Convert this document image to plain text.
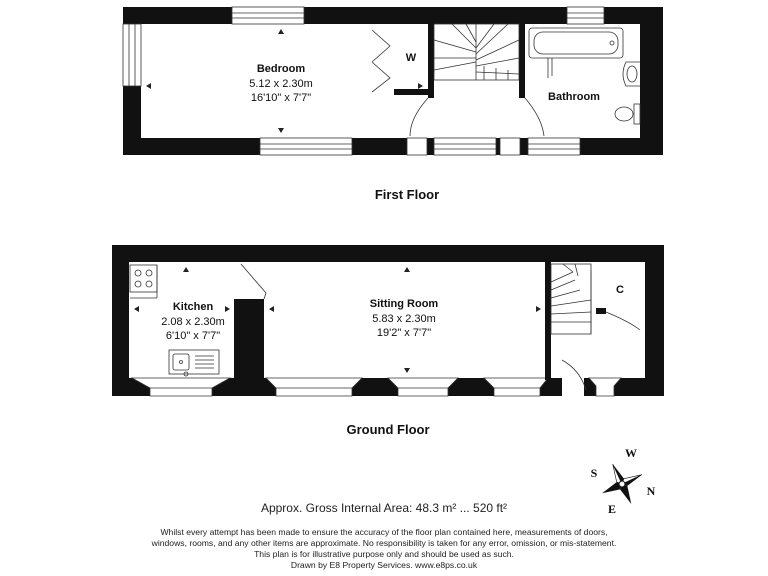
Bedroom
5.12 x 2.30m
16'10" x 7'7"
W
Bathroom
First Floor
Kitchen
2.08 x 2.30m
6'10" x 7'7"
Sitting Room
5.83 x 2.30m
19'2" x 7'7"
C
Ground Floor
W
S
N
E
Approx. Gross Internal Area: 48.3 m² ... 520 ft²
Whilst every attempt has been made to ensure the accuracy of the floor plan contained here, measurements of doors,
windows, rooms, and any other items are approximate. No responsibility is taken for any error, omission, or mis-statement.
This plan is for illustrative purpose only and should be used as such.
Drawn by E8 Property Services. www.e8ps.co.uk
